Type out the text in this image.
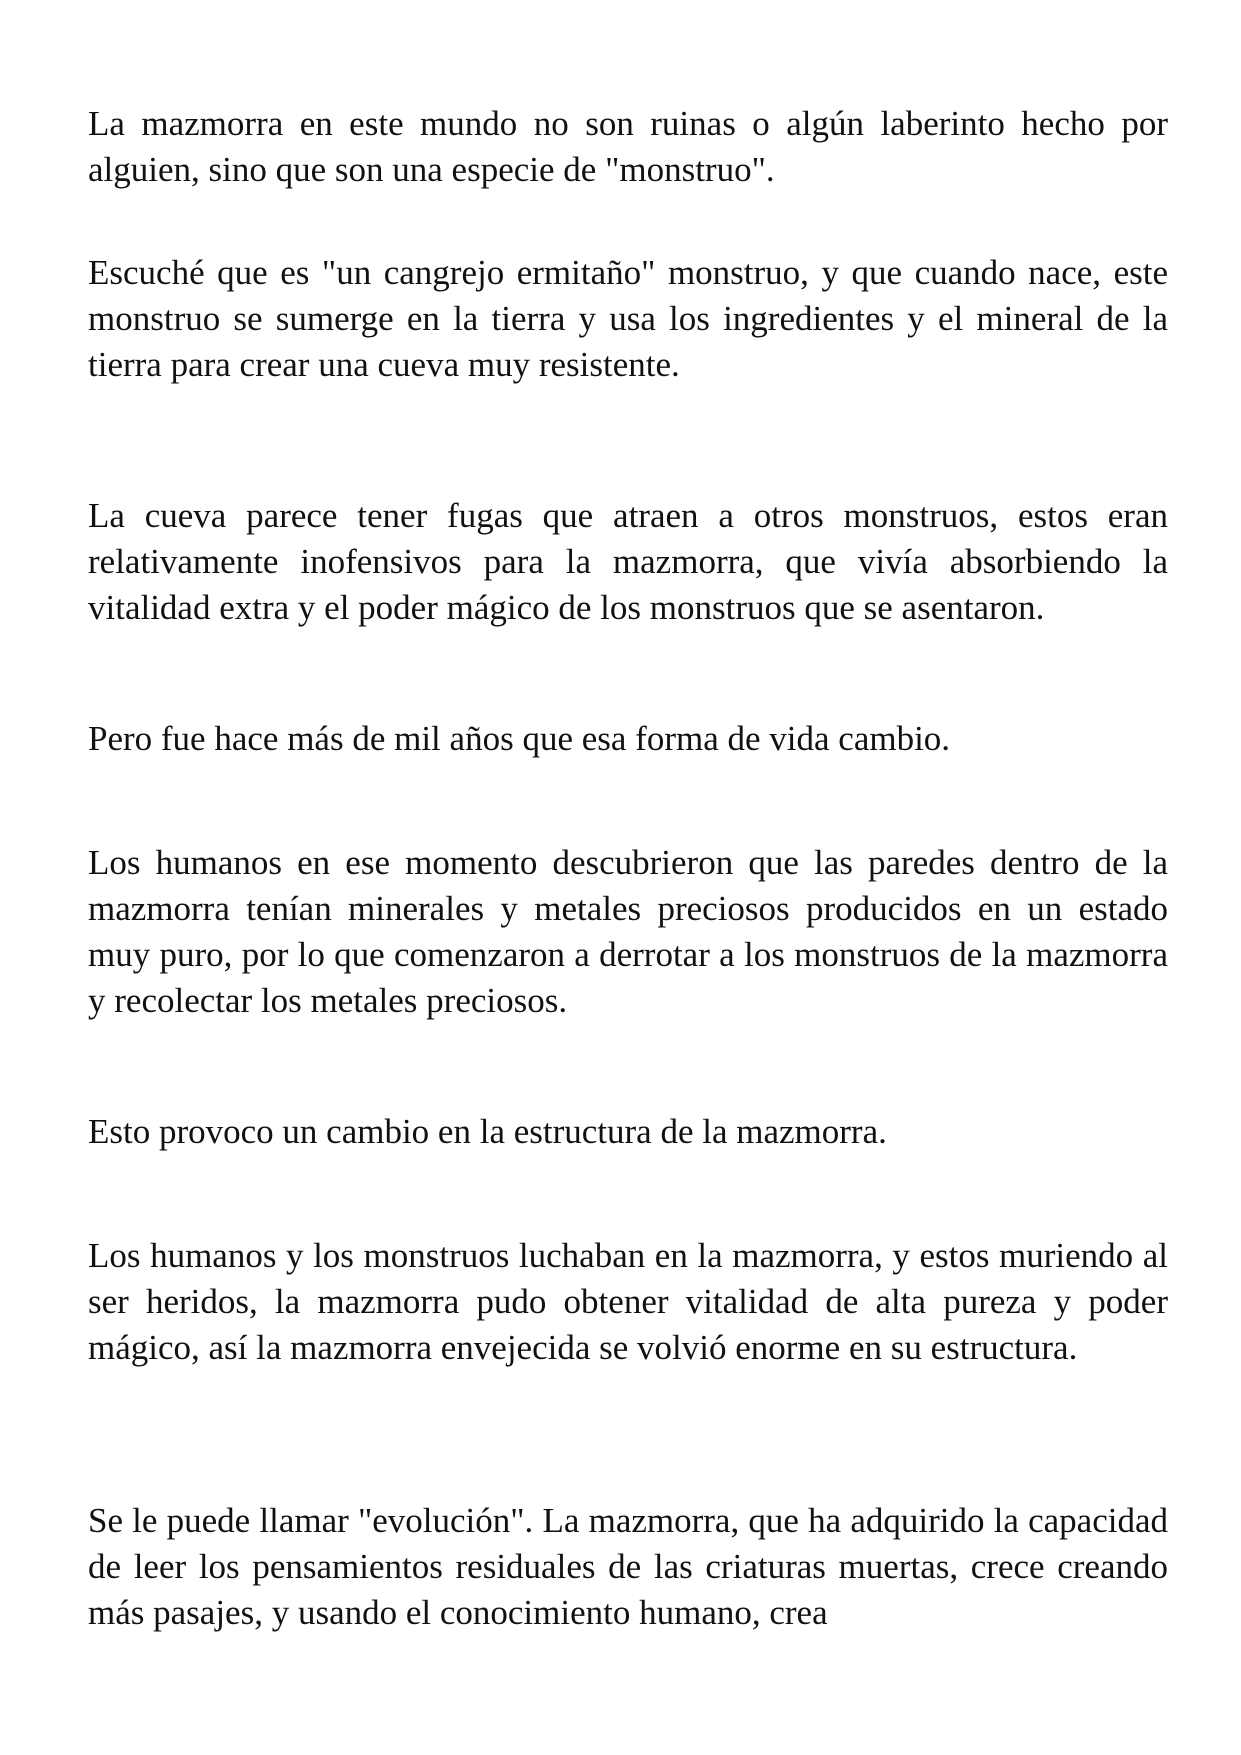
La mazmorra en este mundo no son ruinas o algún laberinto hecho por alguien, sino que son una especie de "monstruo".

Escuché que es "un cangrejo ermitaño" monstruo, y que cuando nace, este monstruo se sumerge en la tierra y usa los ingredientes y el mineral de la tierra para crear una cueva muy resistente.

La cueva parece tener fugas que atraen a otros monstruos, estos eran relativamente inofensivos para la mazmorra, que vivía absorbiendo la vitalidad extra y el poder mágico de los monstruos que se asentaron.

Pero fue hace más de mil años que esa forma de vida cambio.

Los humanos en ese momento descubrieron que las paredes dentro de la mazmorra tenían minerales y metales preciosos producidos en un estado muy puro, por lo que comenzaron a derrotar a los monstruos de la mazmorra y recolectar los metales preciosos.

Esto provoco un cambio en la estructura de la mazmorra.

Los humanos y los monstruos luchaban en la mazmorra, y estos muriendo al ser heridos, la mazmorra pudo obtener vitalidad de alta pureza y poder mágico, así la mazmorra envejecida se volvió enorme en su estructura.

Se le puede llamar "evolución". La mazmorra, que ha adquirido la capacidad de leer los pensamientos residuales de las criaturas muertas, crece creando más pasajes, y usando el conocimiento humano, crea
